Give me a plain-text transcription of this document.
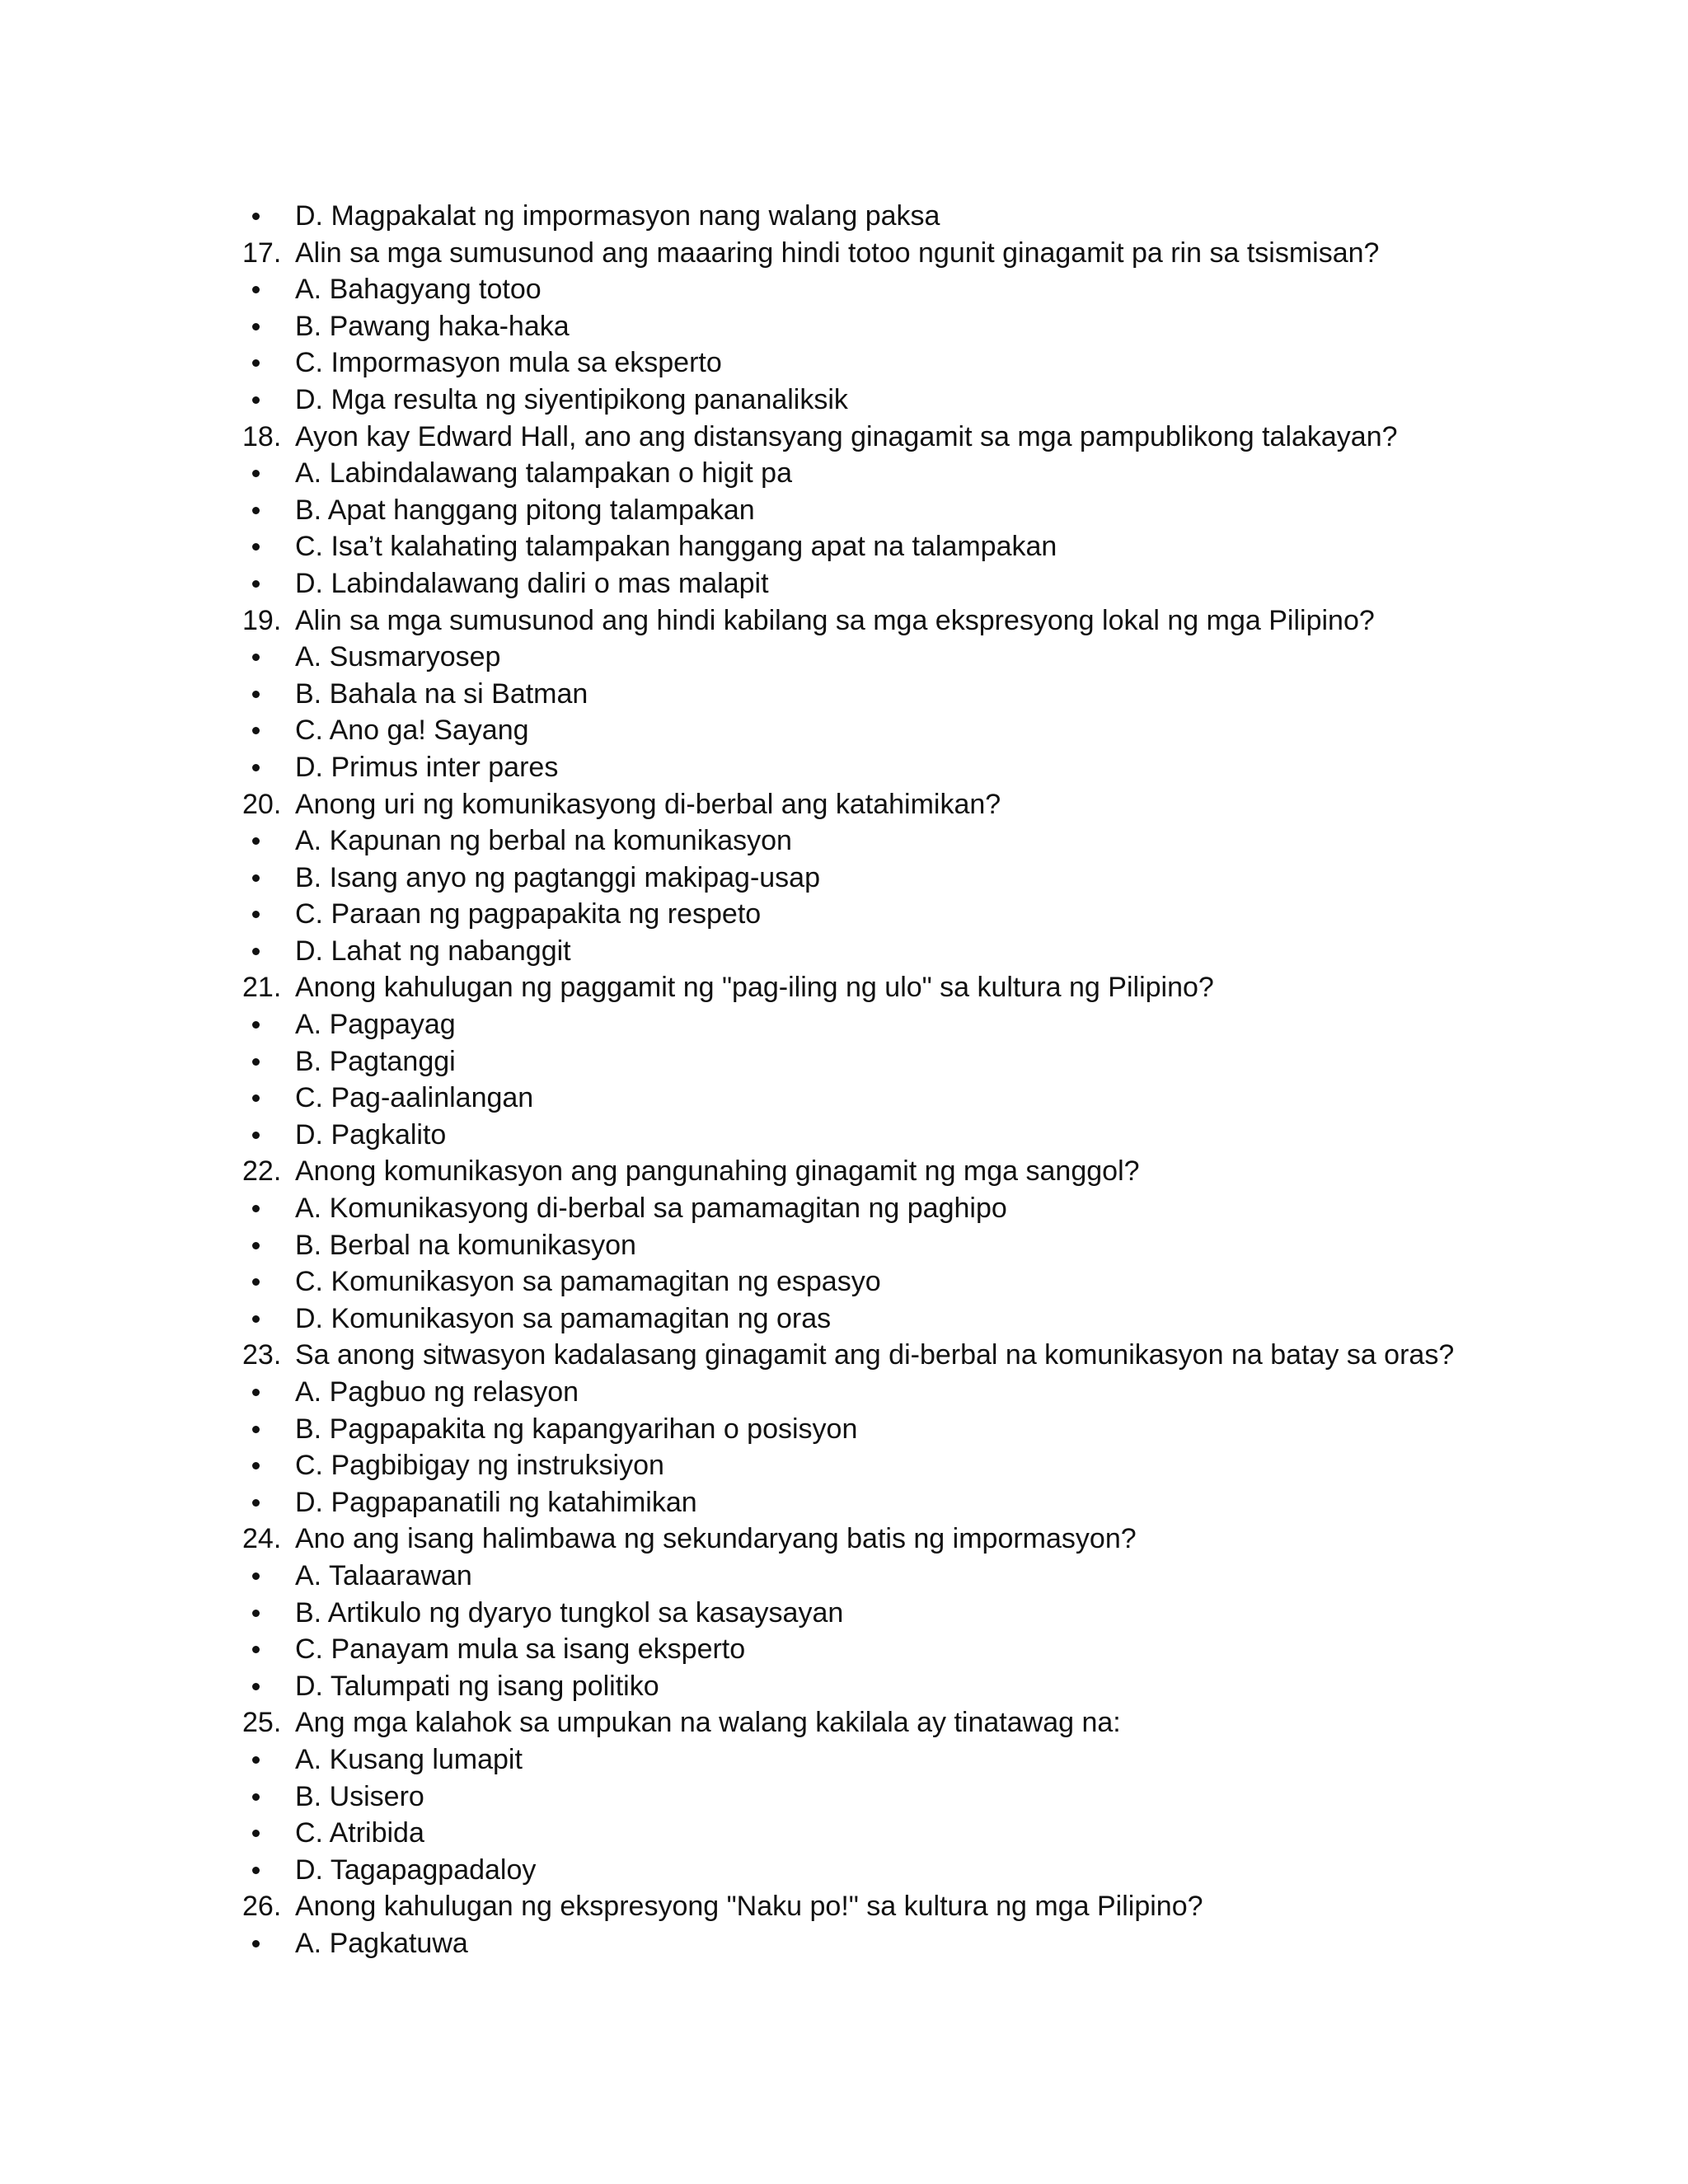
D. Magpakalat ng impormasyon nang walang paksa
17. Alin sa mga sumusunod ang maaaring hindi totoo ngunit ginagamit pa rin sa tsismisan?
A. Bahagyang totoo
B. Pawang haka-haka
C. Impormasyon mula sa eksperto
D. Mga resulta ng siyentipikong pananaliksik
18. Ayon kay Edward Hall, ano ang distansyang ginagamit sa mga pampublikong talakayan?
A. Labindalawang talampakan o higit pa
B. Apat hanggang pitong talampakan
C. Isa’t kalahating talampakan hanggang apat na talampakan
D. Labindalawang daliri o mas malapit
19. Alin sa mga sumusunod ang hindi kabilang sa mga ekspresyong lokal ng mga Pilipino?
A. Susmaryosep
B. Bahala na si Batman
C. Ano ga! Sayang
D. Primus inter pares
20. Anong uri ng komunikasyong di-berbal ang katahimikan?
A. Kapunan ng berbal na komunikasyon
B. Isang anyo ng pagtanggi makipag-usap
C. Paraan ng pagpapakita ng respeto
D. Lahat ng nabanggit
21. Anong kahulugan ng paggamit ng "pag-iling ng ulo" sa kultura ng Pilipino?
A. Pagpayag
B. Pagtanggi
C. Pag-aalinlangan
D. Pagkalito
22. Anong komunikasyon ang pangunahing ginagamit ng mga sanggol?
A. Komunikasyong di-berbal sa pamamagitan ng paghipo
B. Berbal na komunikasyon
C. Komunikasyon sa pamamagitan ng espasyo
D. Komunikasyon sa pamamagitan ng oras
23. Sa anong sitwasyon kadalasang ginagamit ang di-berbal na komunikasyon na batay sa oras?
A. Pagbuo ng relasyon
B. Pagpapakita ng kapangyarihan o posisyon
C. Pagbibigay ng instruksiyon
D. Pagpapanatili ng katahimikan
24. Ano ang isang halimbawa ng sekundaryang batis ng impormasyon?
A. Talaarawan
B. Artikulo ng dyaryo tungkol sa kasaysayan
C. Panayam mula sa isang eksperto
D. Talumpati ng isang politiko
25. Ang mga kalahok sa umpukan na walang kakilala ay tinatawag na:
A. Kusang lumapit
B. Usisero
C. Atribida
D. Tagapagpadaloy
26. Anong kahulugan ng ekspresyong "Naku po!" sa kultura ng mga Pilipino?
A. Pagkatuwa
